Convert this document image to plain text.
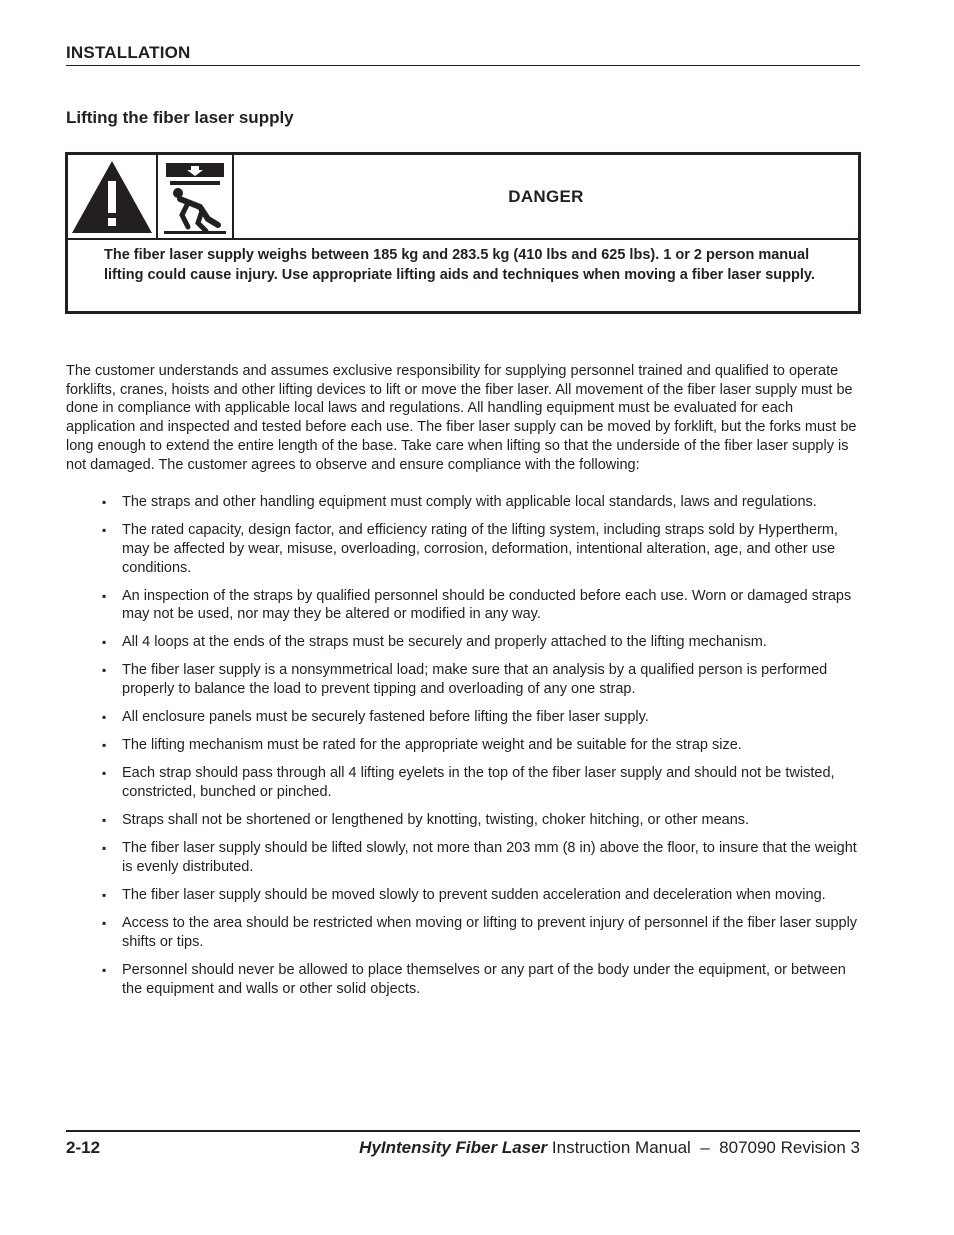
INSTALLATION
Lifting the fiber laser supply
DANGER
The fiber laser supply weighs between 185 kg and 283.5 kg (410 lbs and 625 lbs). 1 or 2 person manual lifting could cause injury. Use appropriate lifting aids and techniques when moving a fiber laser supply.
The customer understands and assumes exclusive responsibility for supplying personnel trained and qualified to operate forklifts, cranes, hoists and other lifting devices to lift or move the fiber laser. All movement of the fiber laser supply must be done in compliance with applicable local laws and regulations. All handling equipment must be evaluated for each application and inspected and tested before each use. The fiber laser supply can be moved by forklift, but the forks must be long enough to extend the entire length of the base. Take care when lifting so that the underside of the fiber laser supply is not damaged. The customer agrees to observe and ensure compliance with the following:
▪ The straps and other handling equipment must comply with applicable local standards, laws and regulations.
▪ The rated capacity, design factor, and efficiency rating of the lifting system, including straps sold by Hypertherm, may be affected by wear, misuse, overloading, corrosion, deformation, intentional alteration, age, and other use conditions.
▪ An inspection of the straps by qualified personnel should be conducted before each use. Worn or damaged straps may not be used, nor may they be altered or modified in any way.
▪ All 4 loops at the ends of the straps must be securely and properly attached to the lifting mechanism.
▪ The fiber laser supply is a nonsymmetrical load; make sure that an analysis by a qualified person is performed properly to balance the load to prevent tipping and overloading of any one strap.
▪ All enclosure panels must be securely fastened before lifting the fiber laser supply.
▪ The lifting mechanism must be rated for the appropriate weight and be suitable for the strap size.
▪ Each strap should pass through all 4 lifting eyelets in the top of the fiber laser supply and should not be twisted, constricted, bunched or pinched.
▪ Straps shall not be shortened or lengthened by knotting, twisting, choker hitching, or other means.
▪ The fiber laser supply should be lifted slowly, not more than 203 mm (8 in) above the floor, to insure that the weight is evenly distributed.
▪ The fiber laser supply should be moved slowly to prevent sudden acceleration and deceleration when moving.
▪ Access to the area should be restricted when moving or lifting to prevent injury of personnel if the fiber laser supply shifts or tips.
▪ Personnel should never be allowed to place themselves or any part of the body under the equipment, or between the equipment and walls or other solid objects.
2-12	HyIntensity Fiber Laser Instruction Manual  –  807090 Revision 3
